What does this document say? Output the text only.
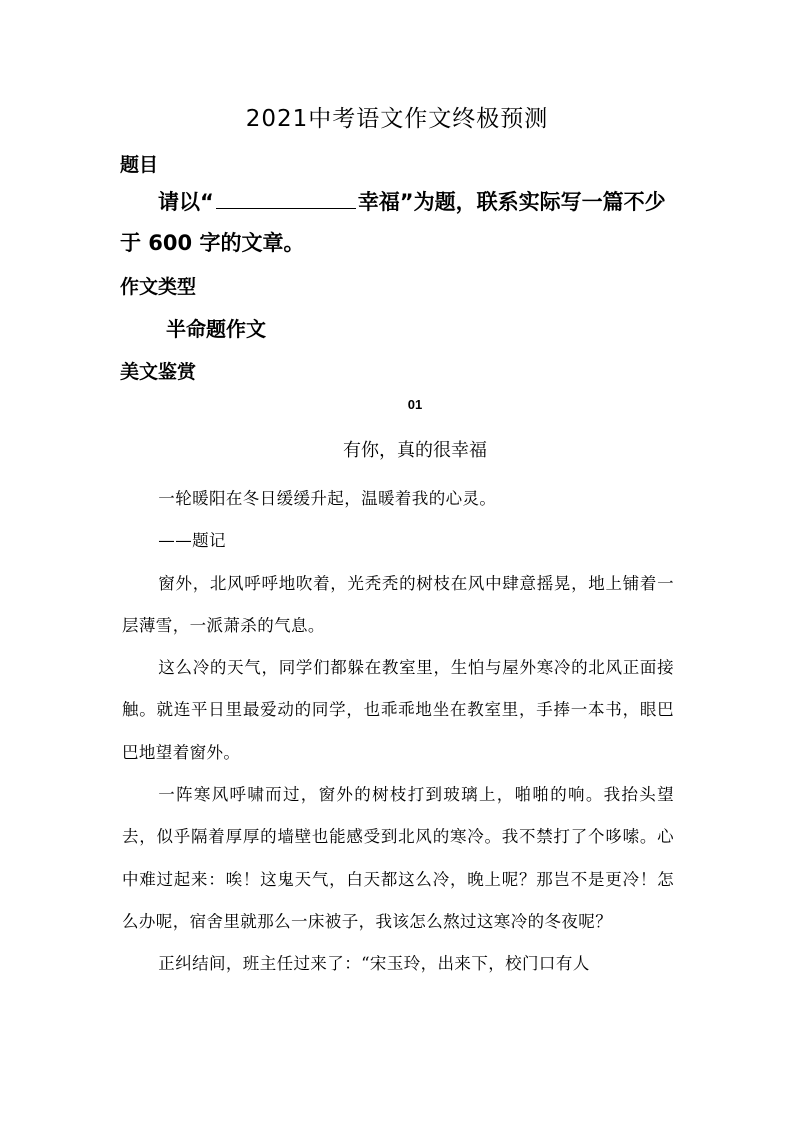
2021中考语文作文终极预测
题目
请以“	幸福”为题，联系实际写一篇不少于 600 字的文章。
作文类型
半命题作文
美文鉴赏
01
有你，真的很幸福

一轮暖阳在冬日缓缓升起，温暖着我的心灵。

——题记

窗外，北风呼呼地吹着，光秃秃的树枝在风中肆意摇晃，地上铺着一层薄雪，一派萧杀的气息。

这么冷的天气，同学们都躲在教室里，生怕与屋外寒冷的北风正面接触。就连平日里最爱动的同学，也乖乖地坐在教室里，手捧一本书，眼巴巴地望着窗外。

一阵寒风呼啸而过，窗外的树枝打到玻璃上，啪啪的响。我抬头望去，似乎隔着厚厚的墙壁也能感受到北风的寒冷。我不禁打了个哆嗦。心中难过起来：唉！这鬼天气，白天都这么冷，晚上呢？那岂不是更冷！怎么办呢，宿舍里就那么一床被子，我该怎么熬过这寒冷的冬夜呢？

正纠结间，班主任过来了：“宋玉玲，出来下，校门口有人
